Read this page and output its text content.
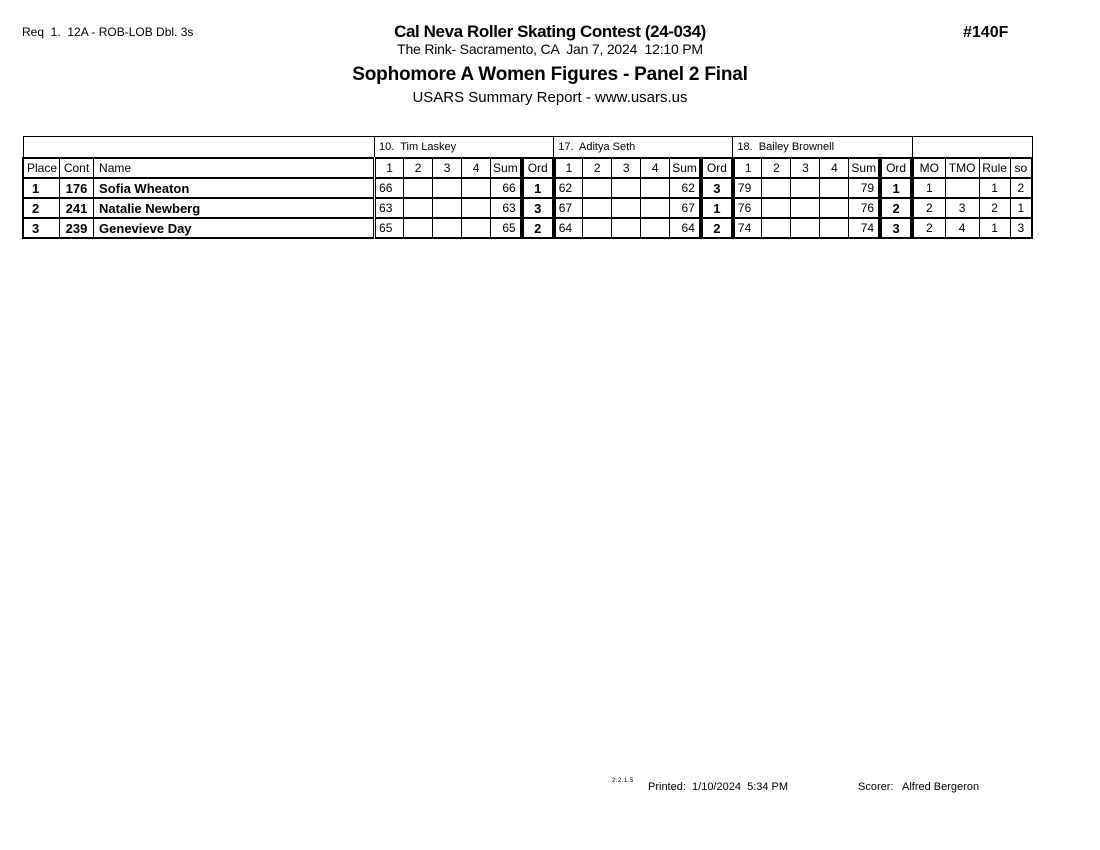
Req  1.  12A - ROB-LOB Dbl. 3s	Cal Neva Roller Skating Contest (24-034)
The Rink- Sacramento, CA  Jan 7, 2024  12:10 PM
Sophomore A Women Figures - Panel 2 Final
USARS Summary Report - www.usars.us
#140F
			10.  Tim Laskey						17.  Aditya Seth						18.  Bailey Brownell									
Place	Cont	Name	1	2	3	4	Sum	Ord	1	2	3	4	Sum	Ord	1	2	3	4	Sum	Ord	MO	TMO	Rule	so
1	176	Sofia Wheaton	66				66	1	62				62	3	79				79	1	1		1	2
2	241	Natalie Newberg	63				63	3	67				67	1	76				76	2	2	3	2	1
3	239	Genevieve Day	65				65	2	64				64	2	74				74	3	2	4	1	3
2.2.1.5 Printed:  1/10/2024  5:34 PM	Scorer:   Alfred Bergeron
